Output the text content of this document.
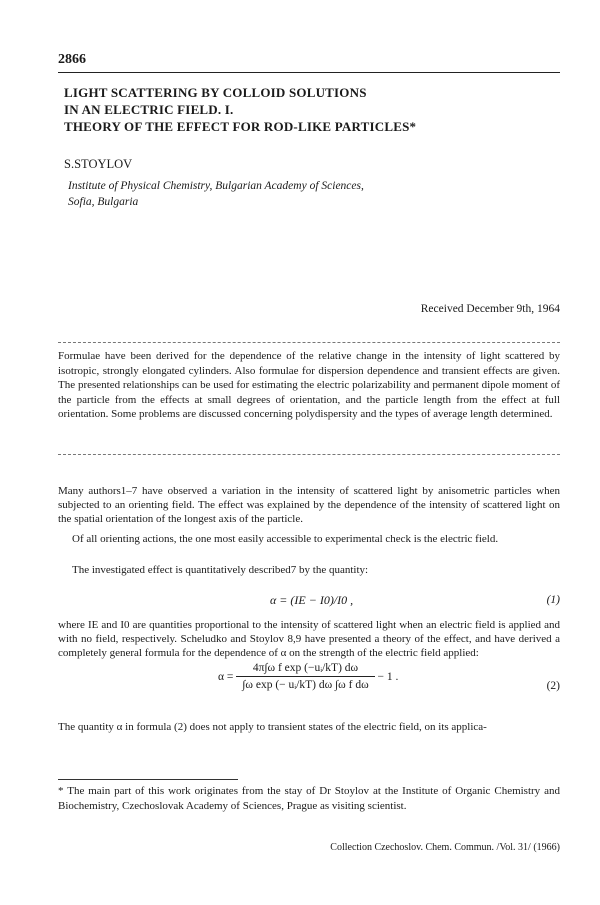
2866
LIGHT SCATTERING BY COLLOID SOLUTIONS
IN AN ELECTRIC FIELD. I.
THEORY OF THE EFFECT FOR ROD-LIKE PARTICLES*
S.STOYLOV
Institute of Physical Chemistry, Bulgarian Academy of Sciences,
Sofia, Bulgaria
Received December 9th, 1964
Formulae have been derived for the dependence of the relative change in the intensity of light scattered by isotropic, strongly elongated cylinders. Also formulae for dispersion dependence and transient effects are given. The presented relationships can be used for estimating the electric polarizability and permanent dipole moment of the particle from the effects at small degrees of orientation, and the particle length from the effect at full orientation. Some problems are discussed concerning polydispersity and the types of average length determined.
Many authors1–7 have observed a variation in the intensity of scattered light by anisometric particles when subjected to an orienting field. The effect was explained by the dependence of the intensity of scattered light on the spatial orientation of the longest axis of the particle.
Of all orienting actions, the one most easily accessible to experimental check is the electric field.
The investigated effect is quantitatively described7 by the quantity:
α = (IE − I0)/I0 ,	(1)
where IE and I0 are quantities proportional to the intensity of scattered light when an electric field is applied and with no field, respectively. Scheludko and Stoylov 8,9 have presented a theory of the effect, and have derived a completely general formula for the dependence of α on the strength of the electric field applied:
$\alpha = \frac{\text{4π∫ω f exp (−uᵢ/kT) dω}}{\text{∫ω exp (− uᵢ/kT) dω ∫ω f dω}} - 1$ .
(2)
The quantity α in formula (2) does not apply to transient states of the electric field, on its applica-
* The main part of this work originates from the stay of Dr Stoylov at the Institute of Organic Chemistry and Biochemistry, Czechoslovak Academy of Sciences, Prague as visiting scientist.
Collection Czechoslov. Chem. Commun. /Vol. 31/ (1966)
